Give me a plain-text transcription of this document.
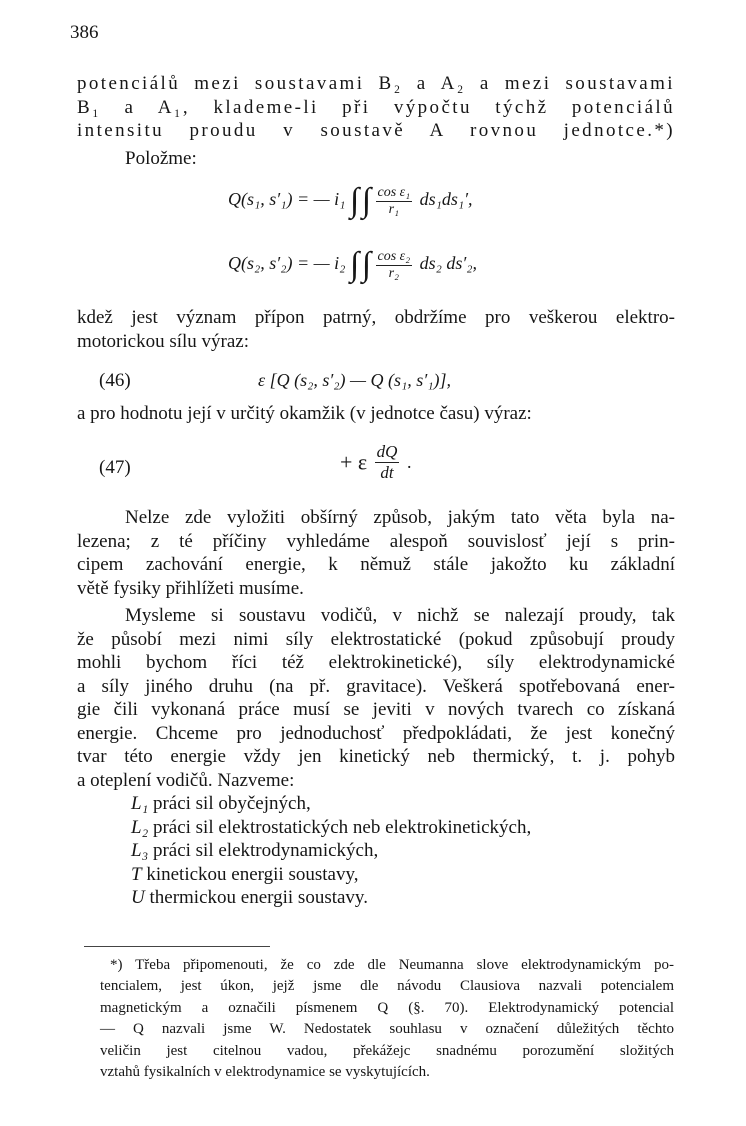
386
potenciálů mezi soustavami B₂ a A₂ a mezi soustavami
B₁ a A₁, klademe-li při výpočtu týchž potenciálů
intensitu proudu v soustavě A rovnou jednotce.*)
Položme:
Q(s₁, s′₁) = — i₁ ∫ ∫ $\frac{\text{cos ε₁}}{\text{r₁}} ds_1ds_1'$,
Q(s₂, s′₂) = — i₂ ∫ ∫ $\frac{\text{cos ε₂}}{\text{r₂}} ds_2$ ds′₂,
kdež jest význam přípon patrný, obdržíme pro veškerou elektro-
motorickou sílu výraz:
(46)	ε [Q (s₂, s′₂) — Q (s₁, s′₁)],
a pro hodnotu její v určitý okamžik (v jednotce času) výraz:
(47)	+ ε $\frac{dQ}{dt}$ .
Nelze zde vyložiti obšírný způsob, jakým tato věta byla na-
lezena; z té příčiny vyhledáme alespoň souvislosť její s prin-
cipem zachování energie, k němuž stále jakožto ku základní
větě fysiky přihlížeti musíme.
Mysleme si soustavu vodičů, v nichž se nalezají proudy, tak
že působí mezi nimi síly elektrostatické (pokud způsobují proudy
mohli bychom říci též elektrokinetické), síly elektrodynamické
a síly jiného druhu (na př. gravitace). Veškerá spotřebovaná ener-
gie čili vykonaná práce musí se jeviti v nových tvarech co získaná
energie. Chceme pro jednoduchosť předpokládati, že jest konečný
tvar této energie vždy jen kinetický neb thermický, t. j. pohyb
a oteplení vodičů. Nazveme:
L₁ práci sil obyčejných,
L₂ práci sil elektrostatických neb elektrokinetických,
L₃ práci sil elektrodynamických,
T kinetickou energii soustavy,
U thermickou energii soustavy.
*) Třeba připomenouti, že co zde dle Neumanna slove elektrodynamickým po-
tencialem, jest úkon, jejž jsme dle návodu Clausiova nazvali potencialem
magnetickým a označili písmenem Q (§. 70). Elektrodynamický potencial
— Q nazvali jsme W. Nedostatek souhlasu v označení důležitých těchto
veličin jest citelnou vadou, překážejc snadnému porozumění složitých
vztahů fysikalních v elektrodynamice se vyskytujících.
